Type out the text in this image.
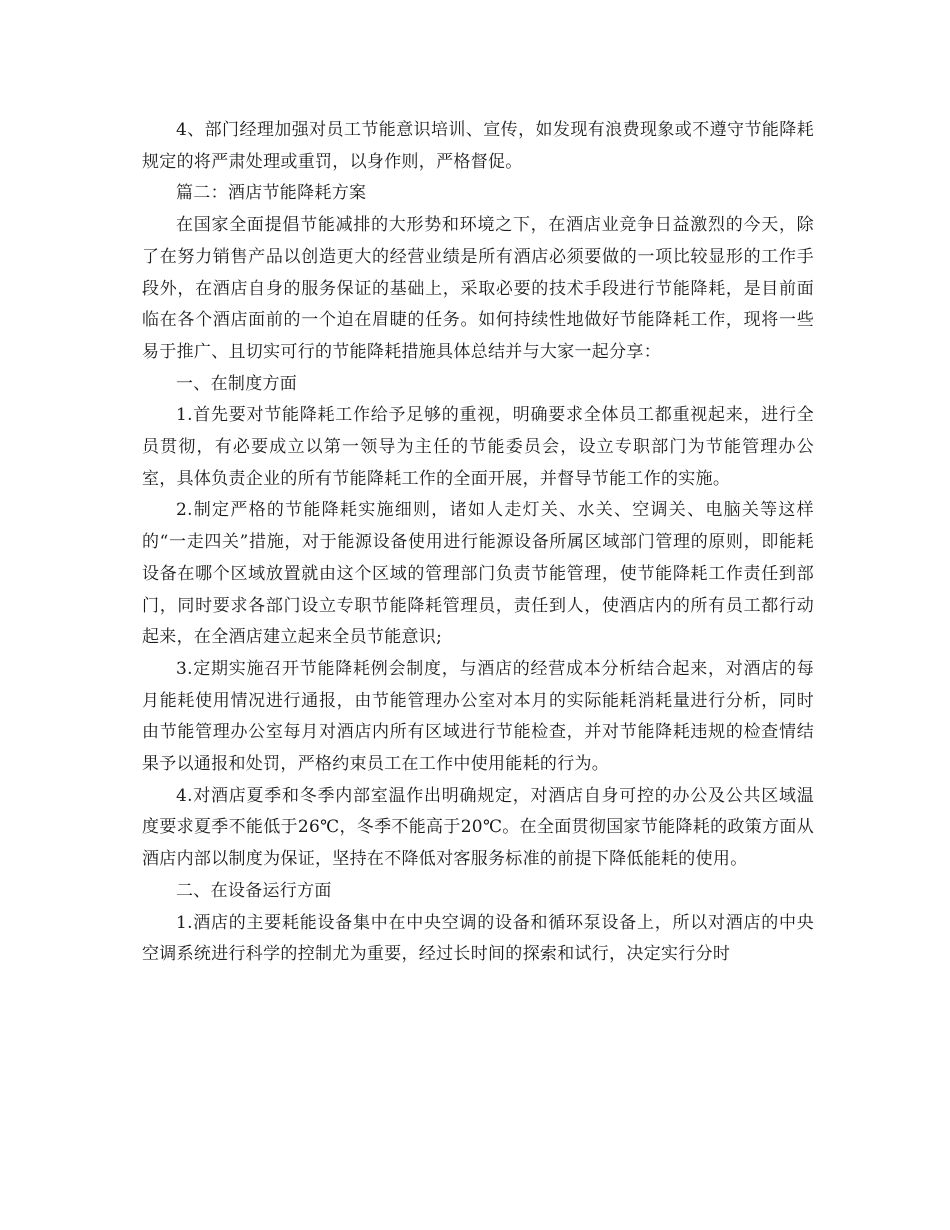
4、部门经理加强对员工节能意识培训、宣传，如发现有浪费现象或不遵守节能降耗规定的将严肃处理或重罚，以身作则，严格督促。

篇二：酒店节能降耗方案

在国家全面提倡节能减排的大形势和环境之下，在酒店业竞争日益激烈的今天，除了在努力销售产品以创造更大的经营业绩是所有酒店必须要做的一项比较显形的工作手段外，在酒店自身的服务保证的基础上，采取必要的技术手段进行节能降耗，是目前面临在各个酒店面前的一个迫在眉睫的任务。如何持续性地做好节能降耗工作，现将一些易于推广、且切实可行的节能降耗措施具体总结并与大家一起分享：

一、在制度方面

1.首先要对节能降耗工作给予足够的重视，明确要求全体员工都重视起来，进行全员贯彻，有必要成立以第一领导为主任的节能委员会，设立专职部门为节能管理办公室，具体负责企业的所有节能降耗工作的全面开展，并督导节能工作的实施。

2.制定严格的节能降耗实施细则，诸如人走灯关、水关、空调关、电脑关等这样的“一走四关”措施，对于能源设备使用进行能源设备所属区域部门管理的原则，即能耗设备在哪个区域放置就由这个区域的管理部门负责节能管理，使节能降耗工作责任到部门，同时要求各部门设立专职节能降耗管理员，责任到人，使酒店内的所有员工都行动起来，在全酒店建立起来全员节能意识;

3.定期实施召开节能降耗例会制度，与酒店的经营成本分析结合起来，对酒店的每月能耗使用情况进行通报，由节能管理办公室对本月的实际能耗消耗量进行分析，同时由节能管理办公室每月对酒店内所有区域进行节能检查，并对节能降耗违规的检查情结果予以通报和处罚，严格约束员工在工作中使用能耗的行为。

4.对酒店夏季和冬季内部室温作出明确规定，对酒店自身可控的办公及公共区域温度要求夏季不能低于26℃，冬季不能高于20℃。在全面贯彻国家节能降耗的政策方面从酒店内部以制度为保证，坚持在不降低对客服务标准的前提下降低能耗的使用。

二、在设备运行方面

1.酒店的主要耗能设备集中在中央空调的设备和循环泵设备上，所以对酒店的中央空调系统进行科学的控制尤为重要，经过长时间的探索和试行，决定实行分时
